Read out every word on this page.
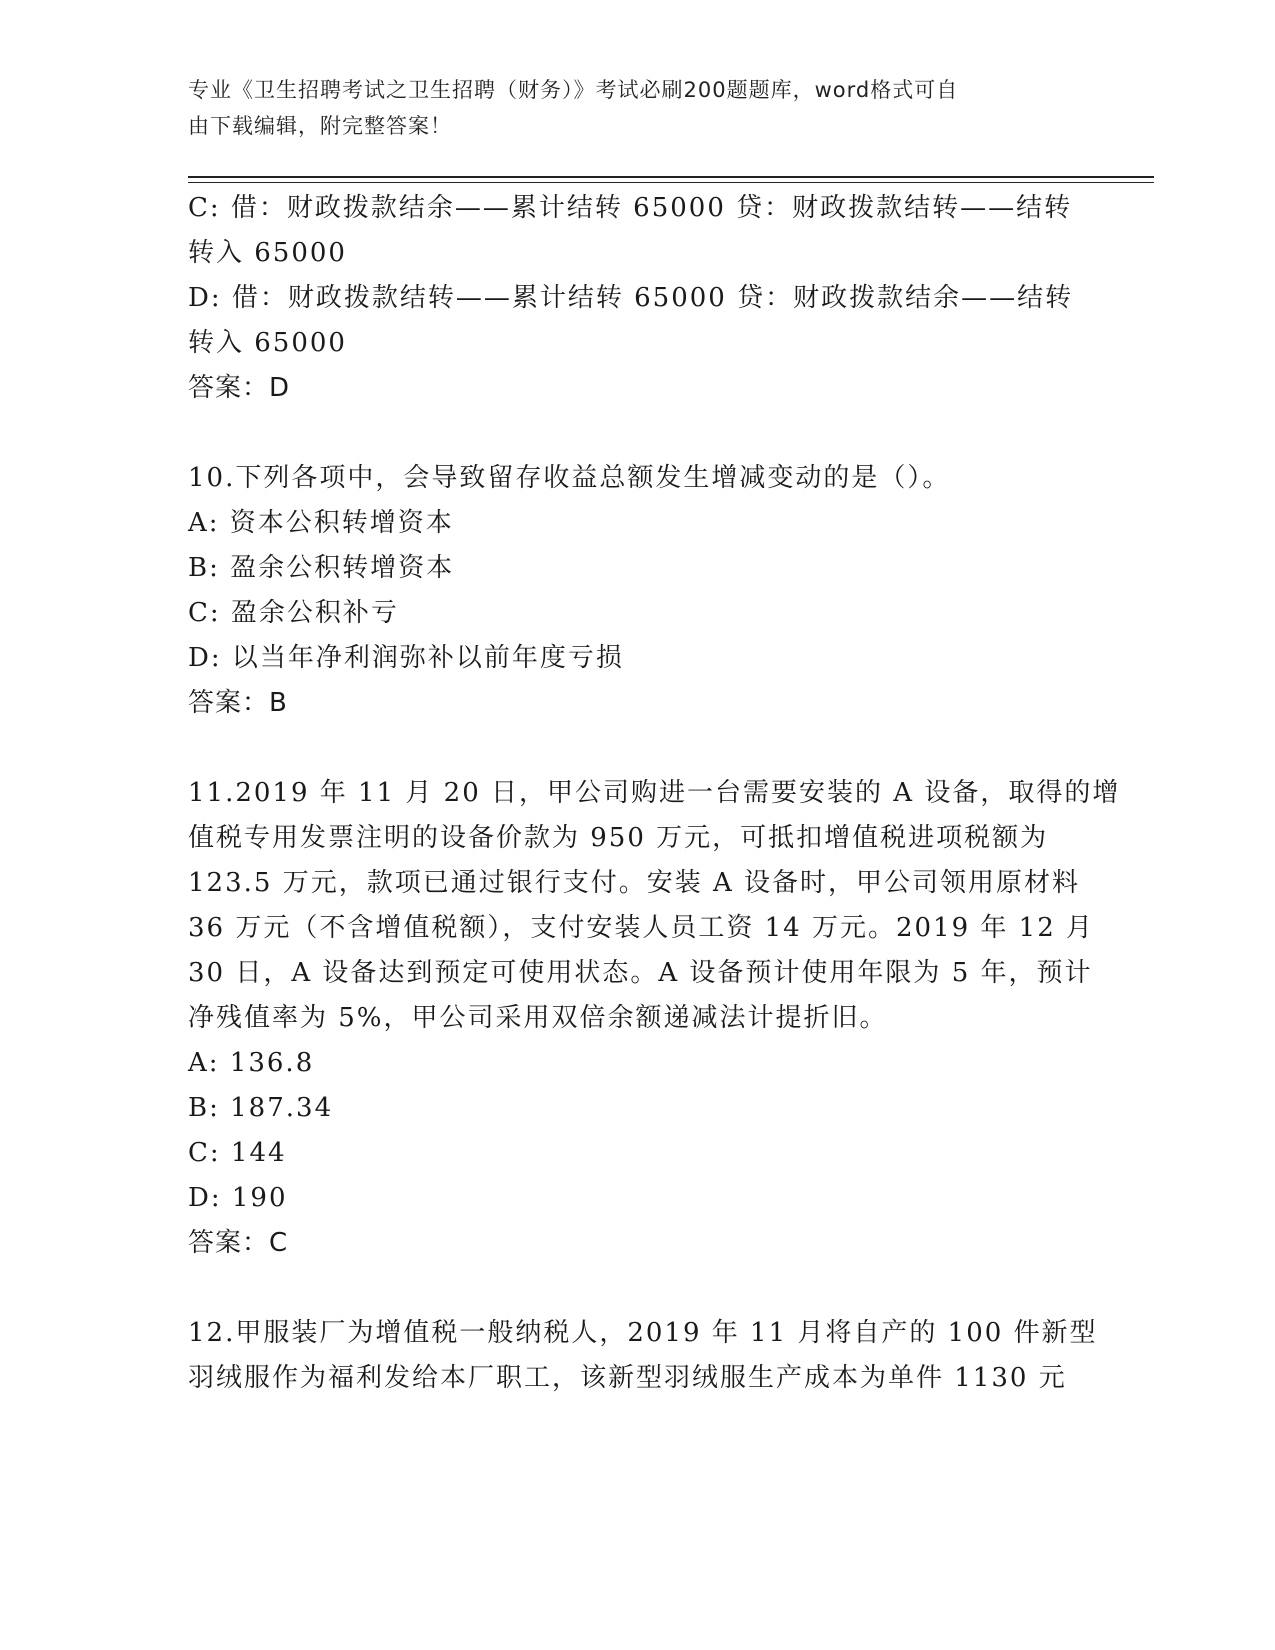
专业《卫生招聘考试之卫生招聘（财务）》考试必刷200题题库，word格式可自
由下载编辑，附完整答案！
C: 借：财政拨款结余——累计结转 65000 贷：财政拨款结转——结转
转入 65000
D: 借：财政拨款结转——累计结转 65000 贷：财政拨款结余——结转
转入 65000
答案：D
10.下列各项中，会导致留存收益总额发生增减变动的是（）。
A: 资本公积转增资本
B: 盈余公积转增资本
C: 盈余公积补亏
D: 以当年净利润弥补以前年度亏损
答案：B
11.2019 年 11 月 20 日，甲公司购进一台需要安装的 A 设备，取得的增
值税专用发票注明的设备价款为 950 万元，可抵扣增值税进项税额为
123.5 万元，款项已通过银行支付。安装 A 设备时，甲公司领用原材料
36 万元（不含增值税额），支付安装人员工资 14 万元。2019 年 12 月
30 日，A 设备达到预定可使用状态。A 设备预计使用年限为 5 年，预计
净残值率为 5%，甲公司采用双倍余额递减法计提折旧。
A: 136.8
B: 187.34
C: 144
D: 190
答案：C
12.甲服装厂为增值税一般纳税人，2019 年 11 月将自产的 100 件新型
羽绒服作为福利发给本厂职工，该新型羽绒服生产成本为单件 1130 元
